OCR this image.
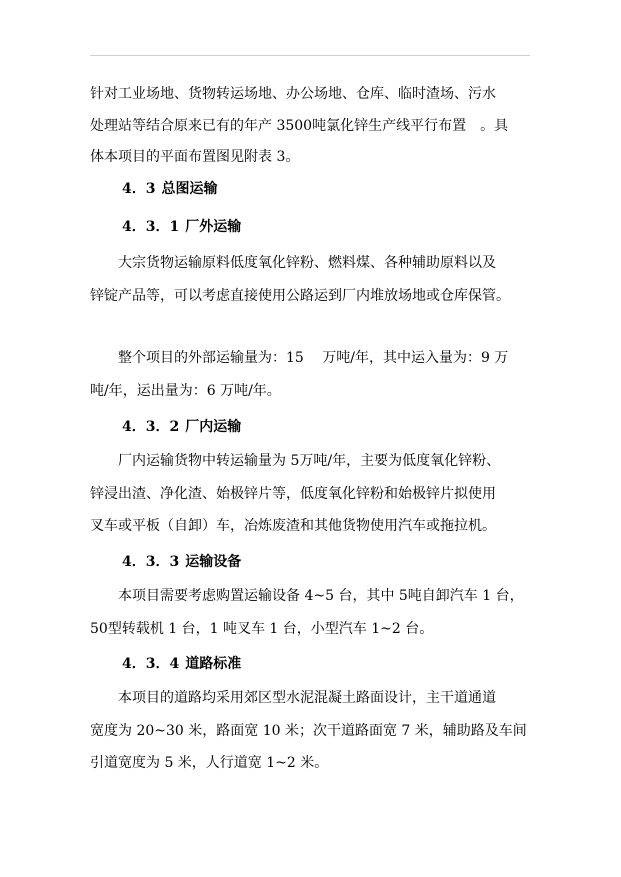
针对工业场地、货物转运场地、办公场地、仓库、临时渣场、污水
处理站等结合原来已有的年产 3500吨氯化锌生产线平行布置　。具
体本项目的平面布置图见附表 3。
4．3 总图运输
4．3．1 厂外运输
大宗货物运输原料低度氧化锌粉、燃料煤、各种辅助原料以及
锌锭产品等，可以考虑直接使用公路运到厂内堆放场地或仓库保管。
整个项目的外部运输量为：15　 万吨/年，其中运入量为：9 万
吨/年，运出量为：6 万吨/年。
4．3．2 厂内运输
厂内运输货物中转运输量为 5万吨/年，主要为低度氧化锌粉、
锌浸出渣、净化渣、始极锌片等，低度氧化锌粉和始极锌片拟使用
叉车或平板（自卸）车，冶炼废渣和其他货物使用汽车或拖拉机。
4．3．3 运输设备
本项目需要考虑购置运输设备 4~5 台，其中 5吨自卸汽车 1 台，
50型转载机 1 台，1 吨叉车 1 台，小型汽车 1~2 台。
4．3．4 道路标准
本项目的道路均采用郊区型水泥混凝土路面设计，主干道通道
宽度为 20~30 米，路面宽 10 米；次干道路面宽 7 米，辅助路及车间
引道宽度为 5 米，人行道宽 1~2 米。
